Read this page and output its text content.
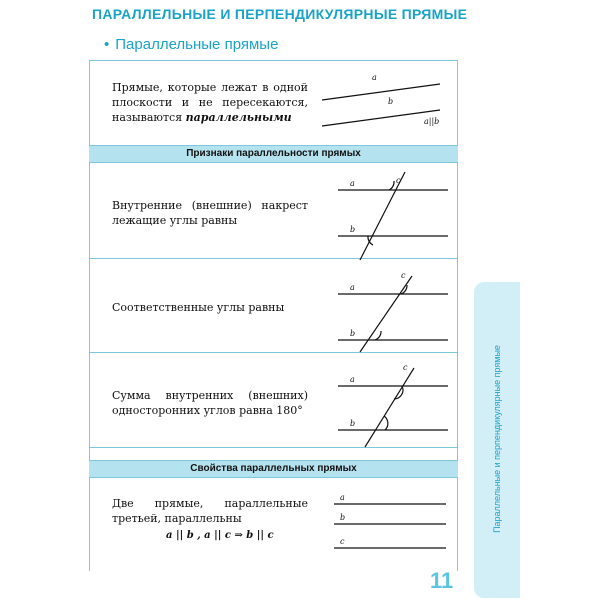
ПАРАЛЛЕЛЬНЫЕ И ПЕРПЕНДИКУЛЯРНЫЕ ПРЯМЫЕ
• Параллельные прямые
Признаки параллельности прямых
Свойства параллельных прямых
Прямые, которые лежат в одной плоскости и не пересекаются, называются параллельными
Внутренние (внешние) накрест лежащие углы равны
Соответственные углы равны
Сумма внутренних (внешних) односторонних углов равна 180°
Две прямые, параллельные третьей, параллельны
a || b , a || c ⇒ b || c
a
b
a||b
a	c
b
a
c
b
a
c
b
a
b
c
Параллельные и перпендикулярные прямые
11
